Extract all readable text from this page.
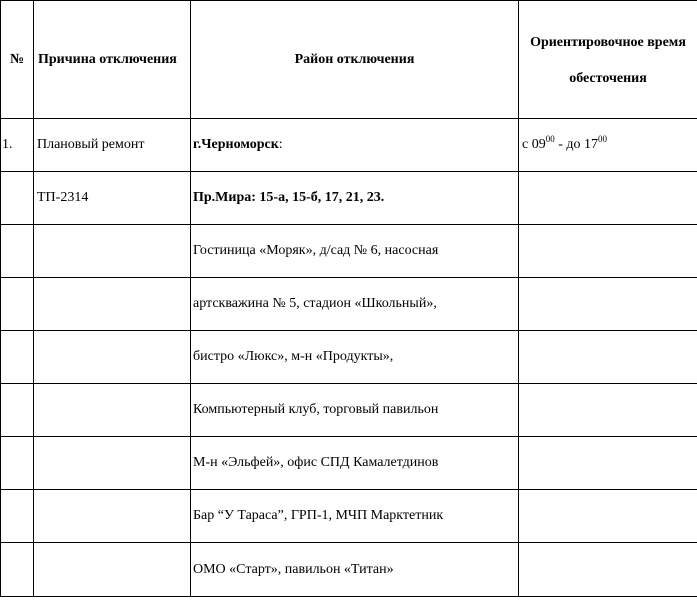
№	Причина отключения	Район отключения	Ориентировочное время обесточения
1.	Плановый ремонт	г.Черноморск:	с $09^{00}$ - до $17^{00}$
	ТП-2314	Пр.Мира: 15-а, 15-б, 17, 21, 23.	
		Гостиница «Моряк», д/сад № 6, насосная	
		артскважина № 5, стадион «Школьный»,	
		бистро «Люкс», м-н «Продукты»,	
		Компьютерный клуб, торговый павильон	
		М-н «Эльфей», офис СПД Камалетдинов	
		Бар “У Тараса”, ГРП-1, МЧП Марктетник	
		ОМО «Старт», павильон «Титан»	
